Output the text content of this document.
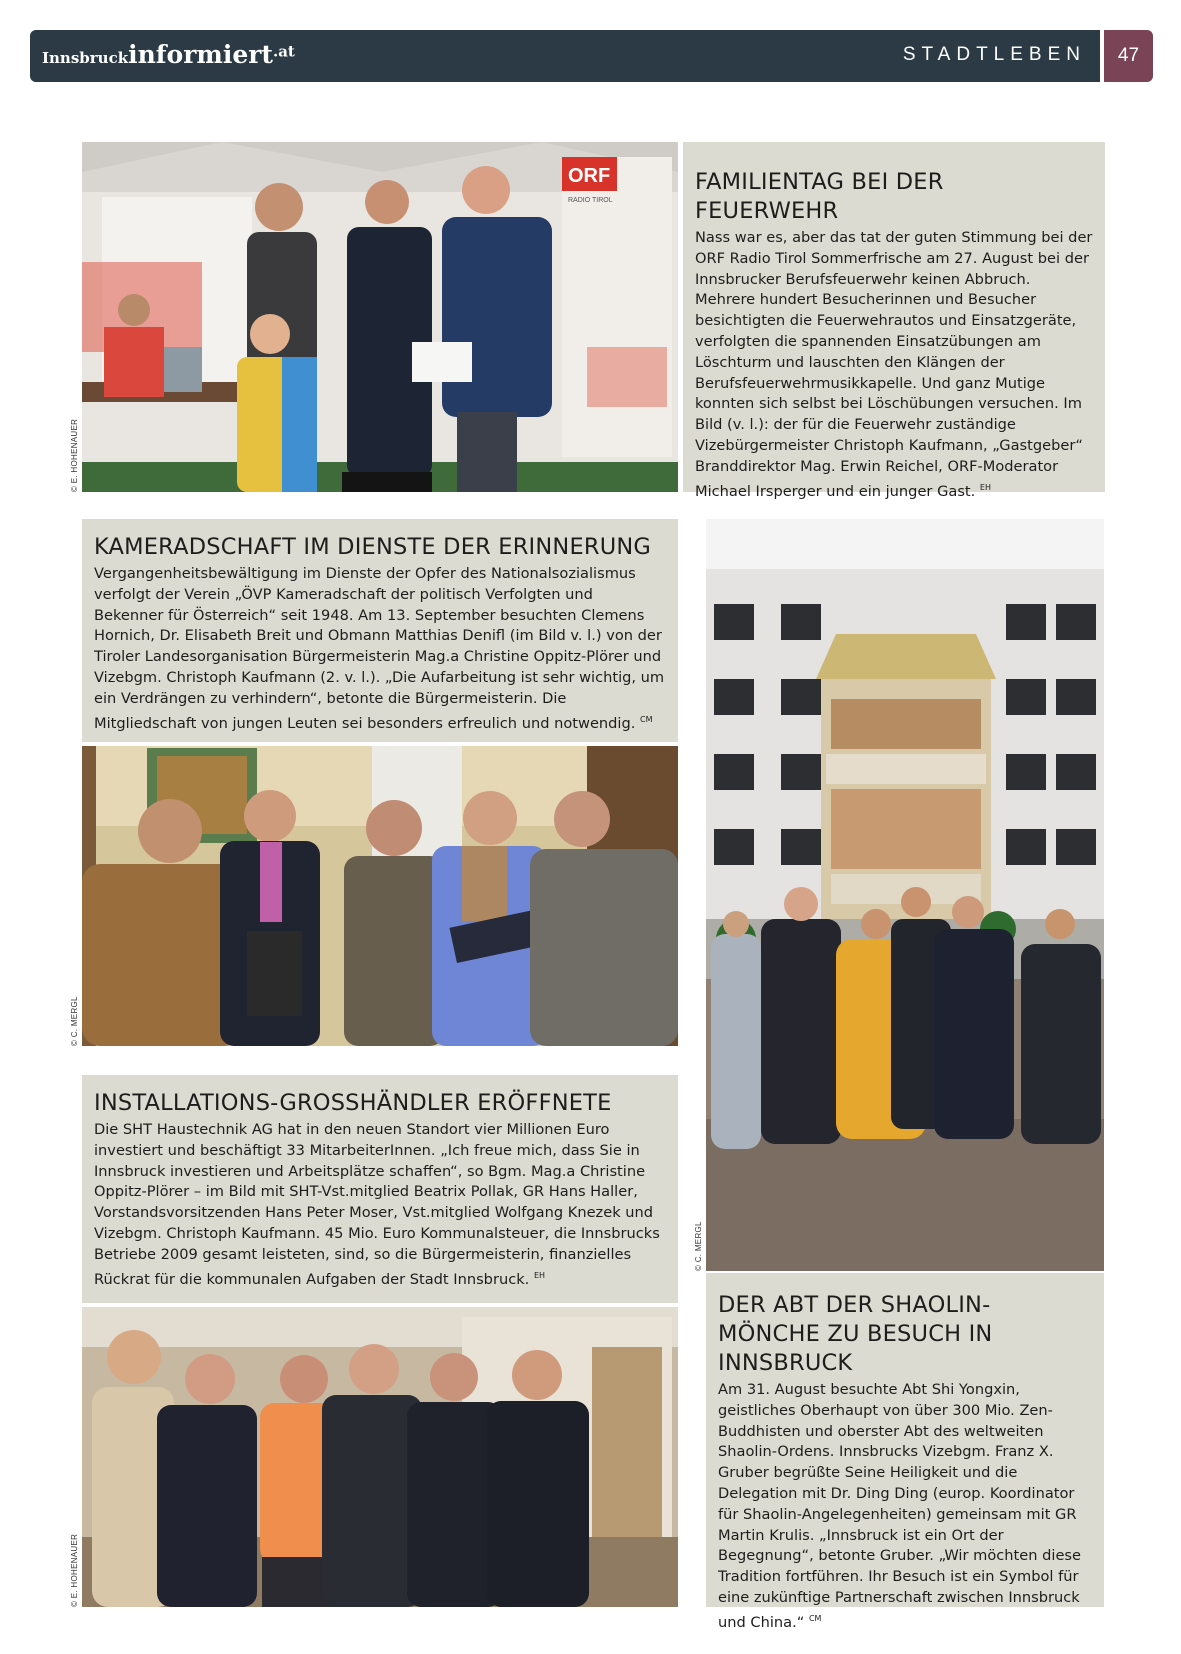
Innsbruckinformiert.at	STADTLEBEN	47
ORF
RADIO TIROL
© E. HOHENAUER
FAMILIENTAG BEI DER FEUERWEHR

Nass war es, aber das tat der guten Stimmung bei der ORF Radio Tirol Sommerfrische am 27. August bei der Innsbrucker Berufsfeuerwehr keinen Abbruch. Mehrere hundert Besucherinnen und Besucher besichtigten die Feuerwehrautos und Einsatzgeräte, verfolgten die spannenden Einsatzübungen am Löschturm und lauschten den Klängen der Berufsfeuerwehrmusikkapelle. Und ganz Mutige konnten sich selbst bei Löschübungen versuchen. Im Bild (v. l.): der für die Feuerwehr zuständige Vizebürgermeister Christoph Kaufmann, „Gastgeber“ Branddirektor Mag. Erwin Reichel, ORF-Moderator Michael Irsperger und ein junger Gast. $^{EH}$

KAMERADSCHAFT IM DIENSTE DER ERINNERUNG

Vergangenheitsbewältigung im Dienste der Opfer des Nationalsozialismus verfolgt der Verein „ÖVP Kameradschaft der politisch Verfolgten und Bekenner für Österreich“ seit 1948. Am 13. September besuchten Clemens Hornich, Dr. Elisabeth Breit und Obmann Matthias Denifl (im Bild v. l.) von der Tiroler Landesorganisation Bürgermeisterin Mag.a Christine Oppitz-Plörer und Vizebgm. Christoph Kaufmann (2. v. l.). „Die Aufarbeitung ist sehr wichtig, um ein Verdrängen zu verhindern“, betonte die Bürgermeisterin. Die Mitgliedschaft von jungen Leuten sei besonders erfreulich und notwendig. $^{CM}$

© C. MERGL
INSTALLATIONS-GROSSHÄNDLER ERÖFFNETE

Die SHT Haustechnik AG hat in den neuen Standort vier Millionen Euro investiert und beschäftigt 33 MitarbeiterInnen. „Ich freue mich, dass Sie in Innsbruck investieren und Arbeitsplätze schaffen“, so Bgm. Mag.a Christine Oppitz-Plörer – im Bild mit SHT-Vst.mitglied Beatrix Pollak, GR Hans Haller, Vorstandsvorsitzenden Hans Peter Moser, Vst.mitglied Wolfgang Knezek und Vizebgm. Christoph Kaufmann. 45 Mio. Euro Kommunalsteuer, die Innsbrucks Betriebe 2009 gesamt leisteten, sind, so die Bürgermeisterin, finanzielles Rückrat für die kommunalen Aufgaben der Stadt Innsbruck. $^{EH}$

© E. HOHENAUER
© C. MERGL
DER ABT DER SHAOLIN-MÖNCHE ZU BESUCH IN INNSBRUCK

Am 31. August besuchte Abt Shi Yongxin, geistliches Oberhaupt von über 300 Mio. Zen-Buddhisten und oberster Abt des weltweiten Shaolin-Ordens. Innsbrucks Vizebgm. Franz X. Gruber begrüßte Seine Heiligkeit und die Delegation mit Dr. Ding Ding (europ. Koordinator für Shaolin-Angelegenheiten) gemeinsam mit GR Martin Krulis. „Innsbruck ist ein Ort der Begegnung“, betonte Gruber. „Wir möchten diese Tradition fortführen. Ihr Besuch ist ein Symbol für eine zukünftige Partnerschaft zwischen Innsbruck und China.“ $^{CM}$
